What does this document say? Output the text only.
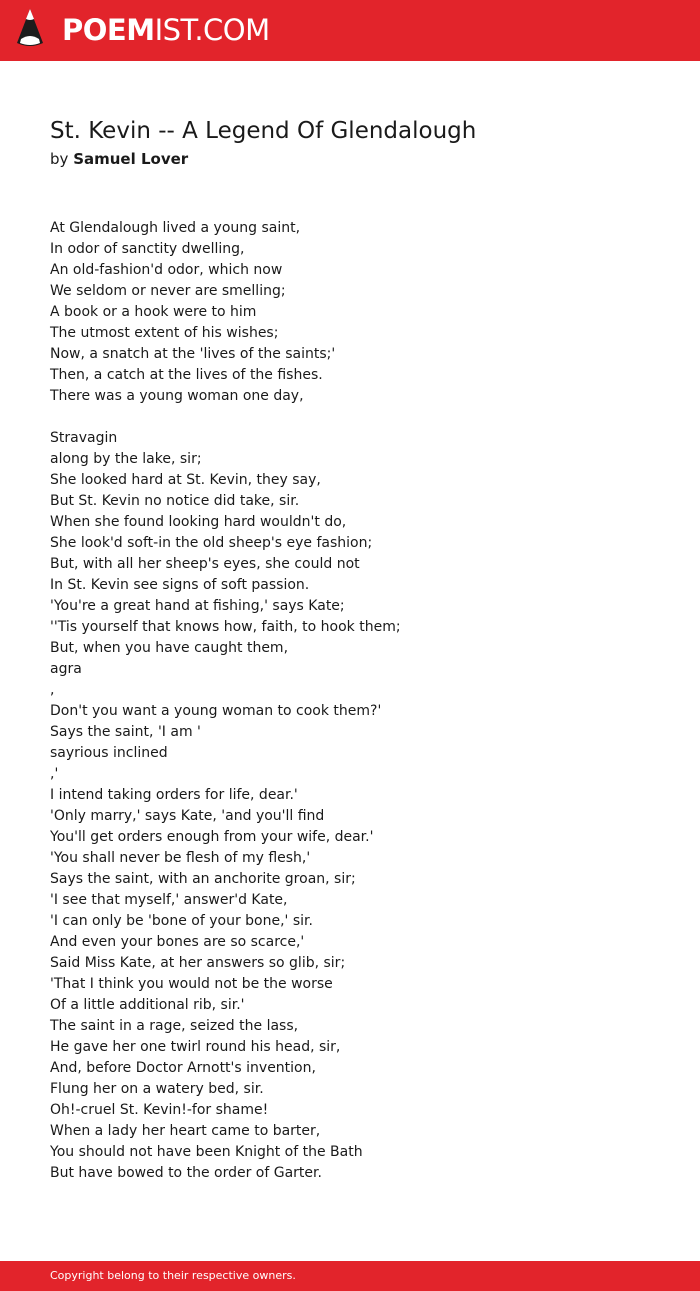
POEMIST.COM
St. Kevin -- A Legend Of Glendalough
by Samuel Lover
At Glendalough lived a young saint,
In odor of sanctity dwelling,
An old-fashion'd odor, which now
We seldom or never are smelling;
A book or a hook were to him
The utmost extent of his wishes;
Now, a snatch at the 'lives of the saints;'
Then, a catch at the lives of the fishes.
There was a young woman one day,
Stravagin
along by the lake, sir;
She looked hard at St. Kevin, they say,
But St. Kevin no notice did take, sir.
When she found looking hard wouldn't do,
She look'd soft-in the old sheep's eye fashion;
But, with all her sheep's eyes, she could not
In St. Kevin see signs of soft passion.
'You're a great hand at fishing,' says Kate;
''Tis yourself that knows how, faith, to hook them;
But, when you have caught them,
agra
,
Don't you want a young woman to cook them?'
Says the saint, 'I am '
sayrious inclined
,'
I intend taking orders for life, dear.'
'Only marry,' says Kate, 'and you'll find
You'll get orders enough from your wife, dear.'
'You shall never be flesh of my flesh,'
Says the saint, with an anchorite groan, sir;
'I see that myself,' answer'd Kate,
'I can only be 'bone of your bone,' sir.
And even your bones are so scarce,'
Said Miss Kate, at her answers so glib, sir;
'That I think you would not be the worse
Of a little additional rib, sir.'
The saint in a rage, seized the lass,
He gave her one twirl round his head, sir,
And, before Doctor Arnott's invention,
Flung her on a watery bed, sir.
Oh!-cruel St. Kevin!-for shame!
When a lady her heart came to barter,
You should not have been Knight of the Bath
But have bowed to the order of Garter.
Copyright belong to their respective owners.
